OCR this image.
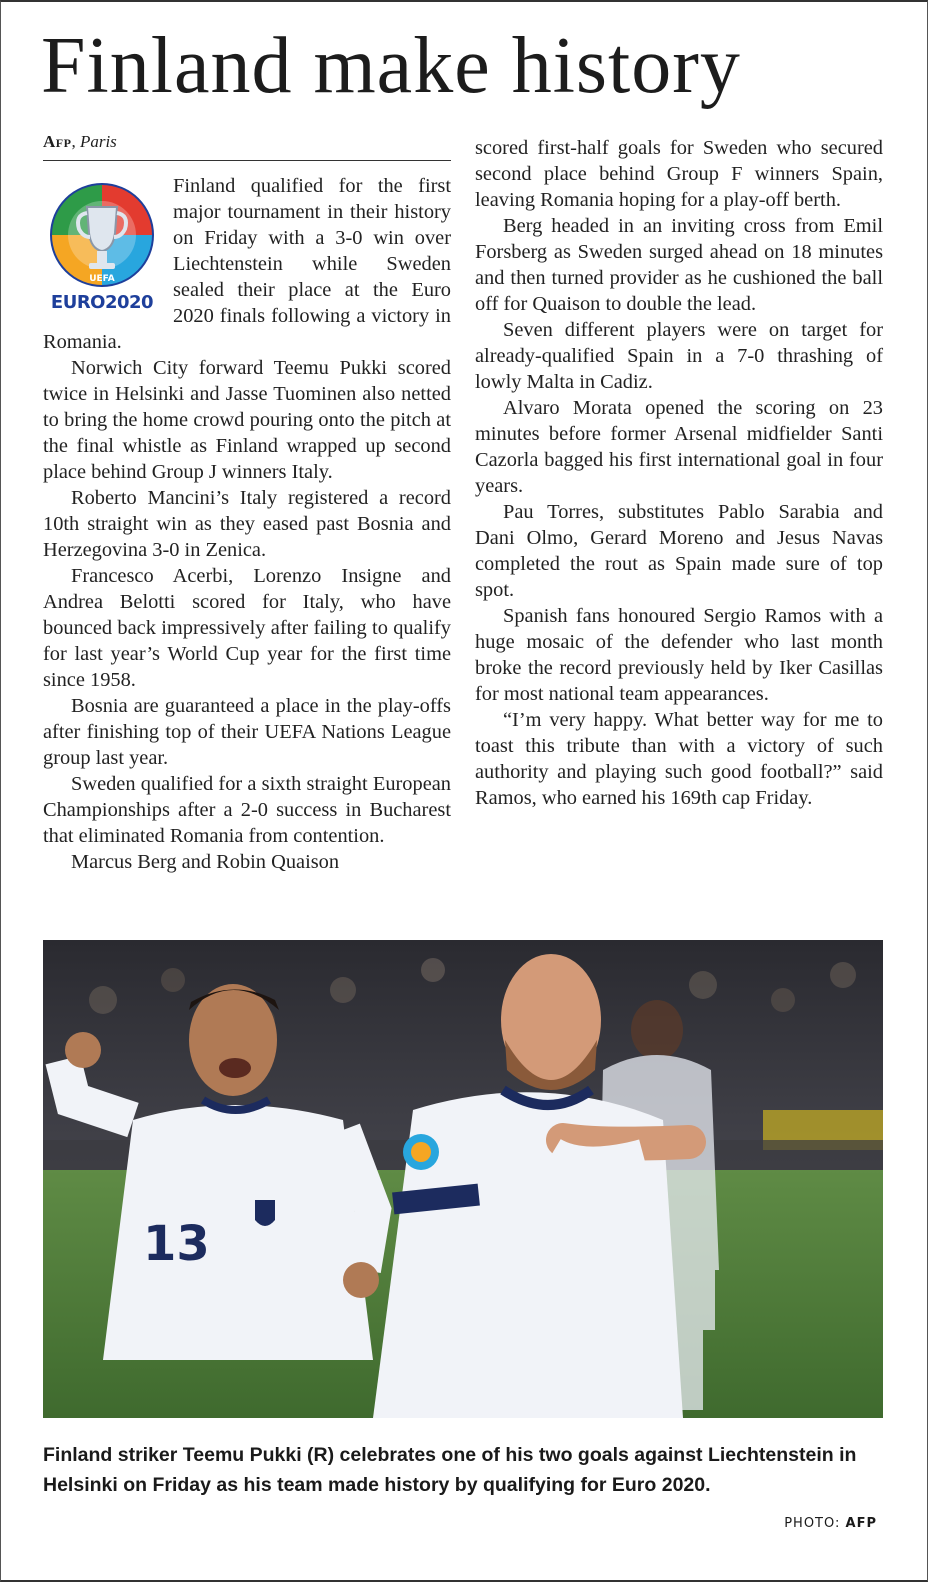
Finland make history
Afp, Paris
UEFA
EURO2020

Finland qualified for the first major tournament in their history on Friday with a 3-0 win over Liechtenstein while Sweden sealed their place at the Euro 2020 finals following a victory in Romania.

Norwich City forward Teemu Pukki scored twice in Helsinki and Jasse Tuominen also netted to bring the home crowd pouring onto the pitch at the final whistle as Finland wrapped up second place behind Group J winners Italy.

Roberto Mancini’s Italy registered a record 10th straight win as they eased past Bosnia and Herzegovina 3-0 in Zenica.

Francesco Acerbi, Lorenzo Insigne and Andrea Belotti scored for Italy, who have bounced back impressively after failing to qualify for last year’s World Cup year for the first time since 1958.

Bosnia are guaranteed a place in the play-offs after finishing top of their UEFA Nations League group last year.

Sweden qualified for a sixth straight European Championships after a 2-0 success in Bucharest that eliminated Romania from contention.

Marcus Berg and Robin Quaison

scored first-half goals for Sweden who secured second place behind Group F winners Spain, leaving Romania hoping for a play-off berth.

Berg headed in an inviting cross from Emil Forsberg as Sweden surged ahead on 18 minutes and then turned provider as he cushioned the ball off for Quaison to double the lead.

Seven different players were on target for already-qualified Spain in a 7-0 thrashing of lowly Malta in Cadiz.

Alvaro Morata opened the scoring on 23 minutes before former Arsenal midfielder Santi Cazorla bagged his first international goal in four years.

Pau Torres, substitutes Pablo Sarabia and Dani Olmo, Gerard Moreno and Jesus Navas completed the rout as Spain made sure of top spot.

Spanish fans honoured Sergio Ramos with a huge mosaic of the defender who last month broke the record previously held by Iker Casillas for most national team appearances.

“I’m very happy. What better way for me to toast this tribute than with a victory of such authority and playing such good football?” said Ramos, who earned his 169th cap Friday.

13
Finland striker Teemu Pukki (R) celebrates one of his two goals against Liechtenstein in Helsinki on Friday as his team made history by qualifying for Euro 2020.
PHOTO: AFP
